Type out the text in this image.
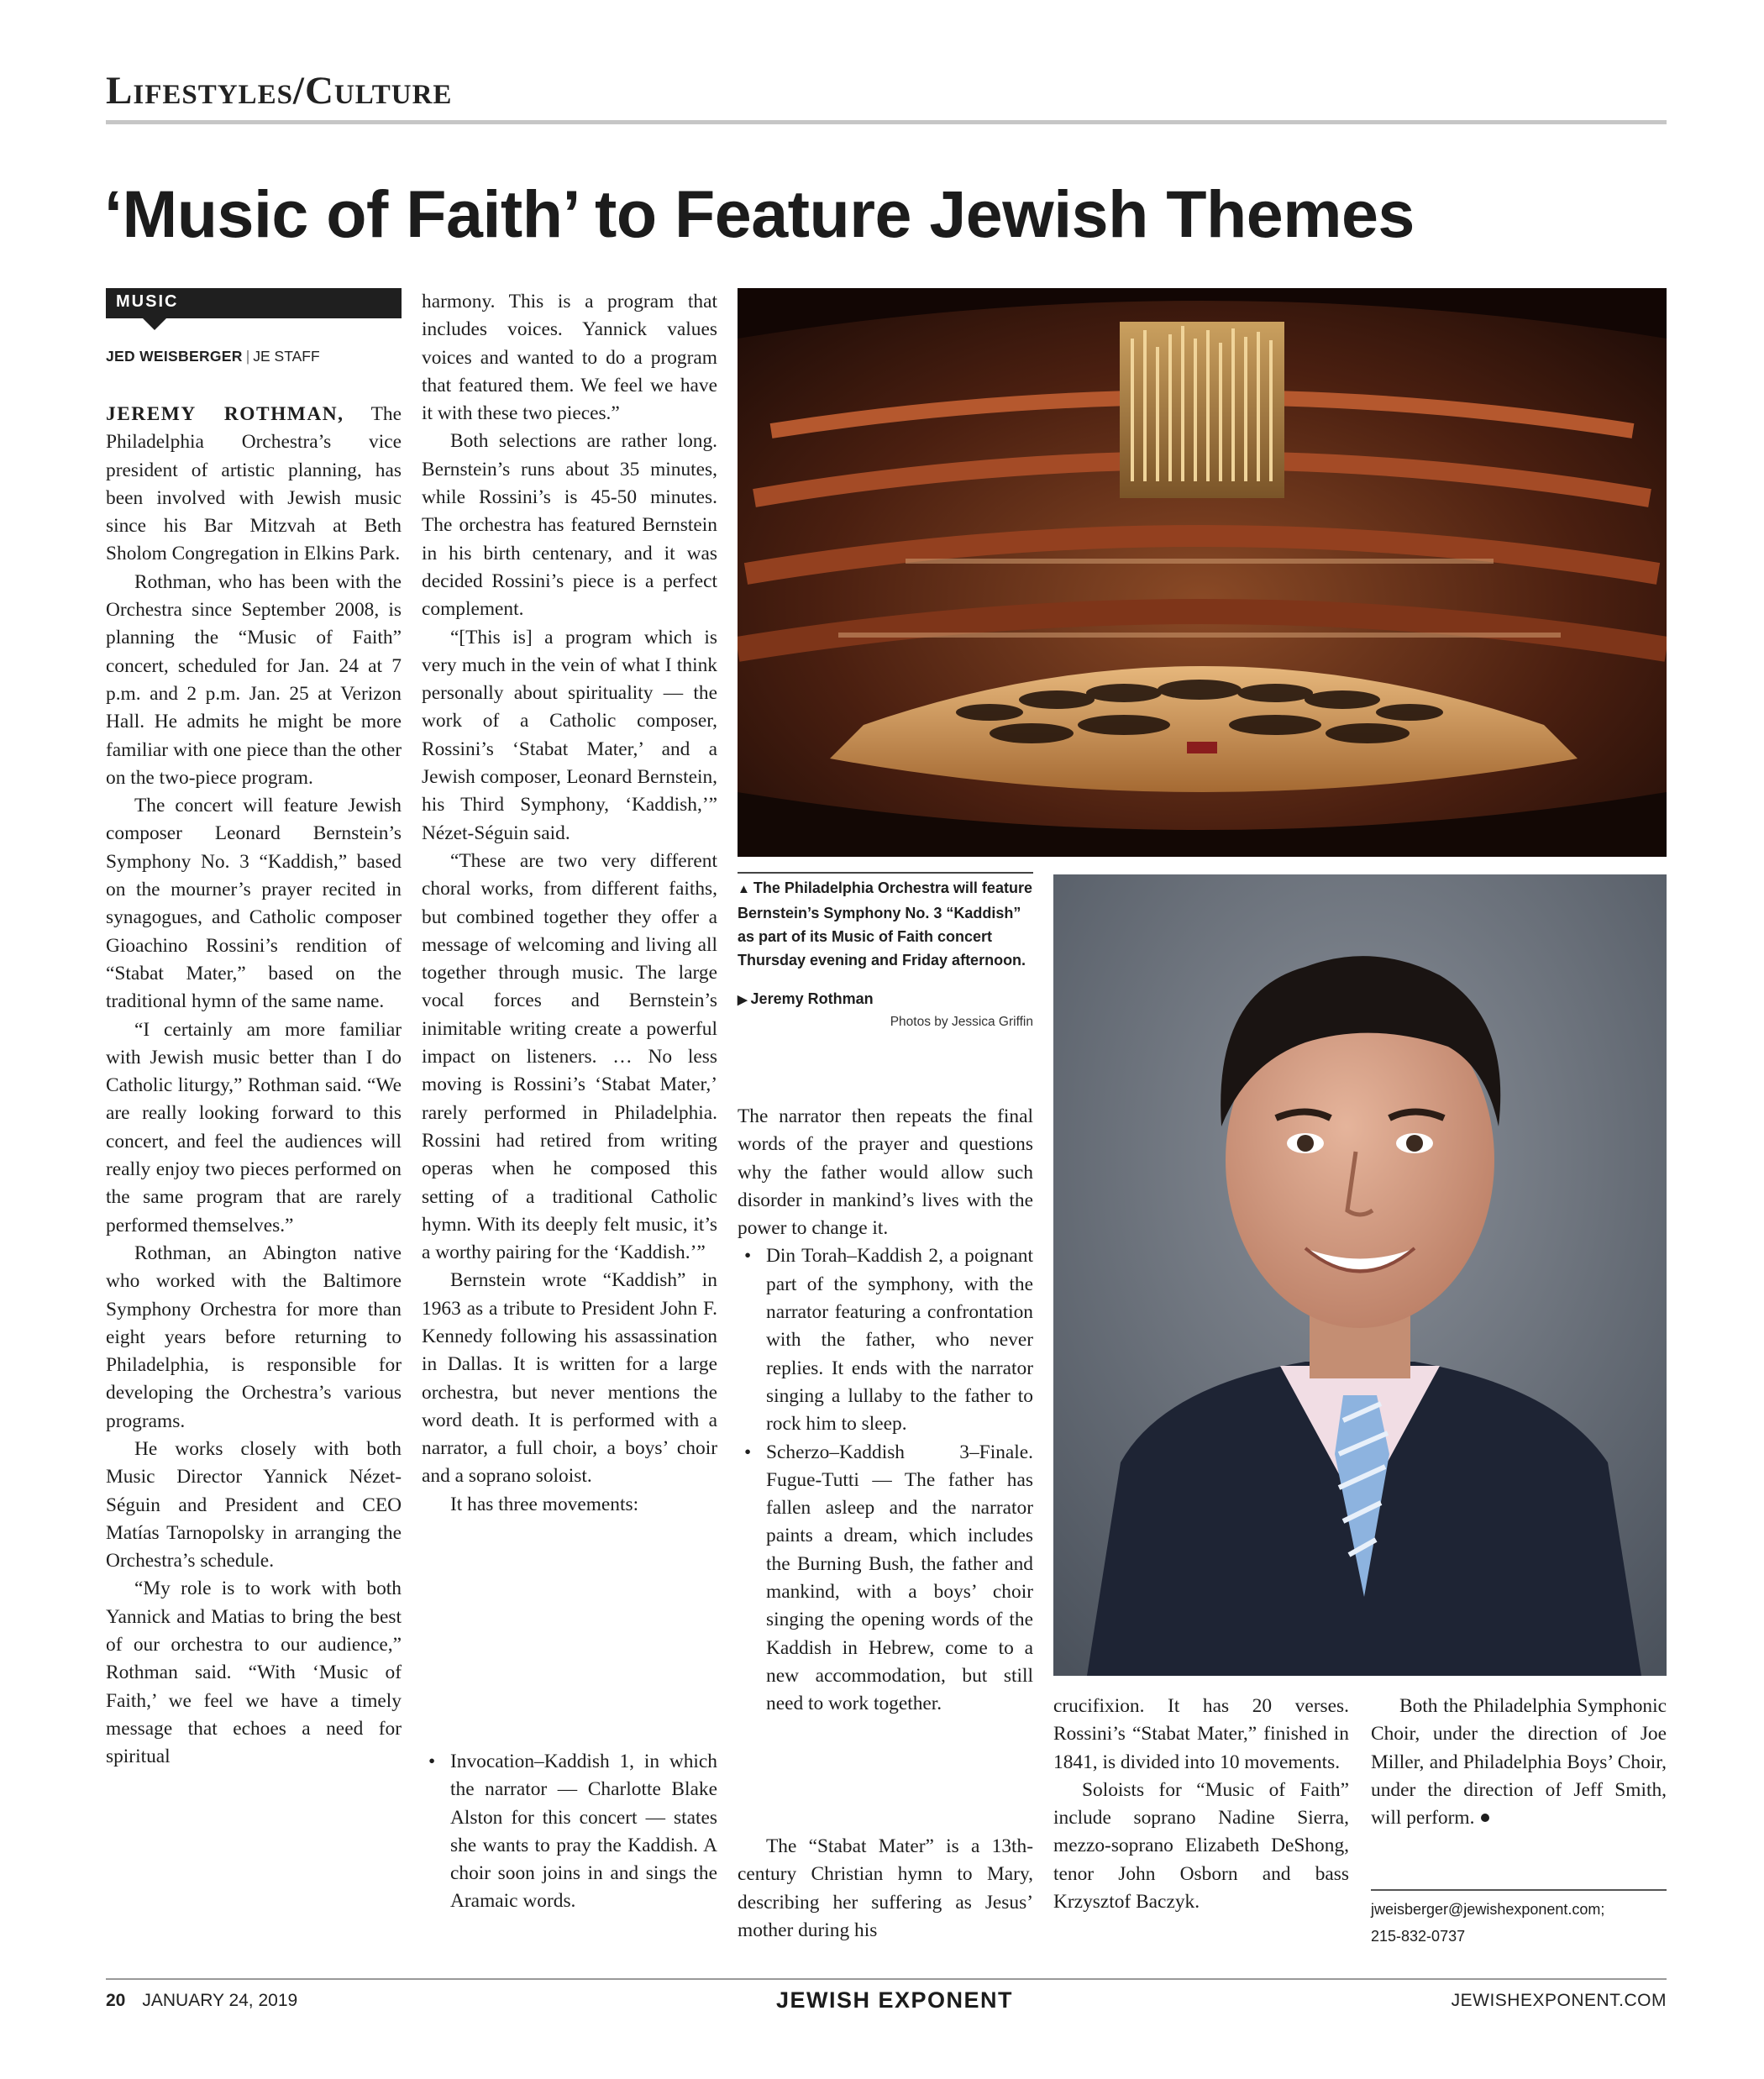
Lifestyles/Culture
‘Music of Faith’ to Feature Jewish Themes
MUSIC
JED WEISBERGER | JE STAFF

JEREMY ROTHMAN, The Philadelphia Orchestra’s vice president of artistic planning, has been involved with Jewish music since his Bar Mitzvah at Beth Sholom Congregation in Elkins Park.

Rothman, who has been with the Orchestra since September 2008, is planning the “Music of Faith” concert, scheduled for Jan. 24 at 7 p.m. and 2 p.m. Jan. 25 at Verizon Hall. He admits he might be more familiar with one piece than the other on the two-piece program.

The concert will feature Jewish composer Leonard Bernstein’s Symphony No. 3 “Kaddish,” based on the mourner’s prayer recited in synagogues, and Catholic composer Gioachino Rossini’s rendition of “Stabat Mater,” based on the traditional hymn of the same name.

“I certainly am more familiar with Jewish music better than I do Catholic liturgy,” Rothman said. “We are really looking forward to this concert, and feel the audiences will really enjoy two pieces performed on the same program that are rarely performed themselves.”

Rothman, an Abington native who worked with the Baltimore Symphony Orchestra for more than eight years before returning to Philadelphia, is responsible for developing the Orchestra’s various programs.

He works closely with both Music Director Yannick Nézet-Séguin and President and CEO Matías Tarnopolsky in arranging the Orchestra’s schedule.

“My role is to work with both Yannick and Matias to bring the best of our orchestra to our audience,” Rothman said. “With ‘Music of Faith,’ we feel we have a timely message that echoes a need for spiritual

harmony. This is a program that includes voices. Yannick values voices and wanted to do a program that featured them. We feel we have it with these two pieces.”

Both selections are rather long. Bernstein’s runs about 35 minutes, while Rossini’s is 45-50 minutes. The orchestra has featured Bernstein in his birth centenary, and it was decided Rossini’s piece is a perfect complement.

“[This is] a program which is very much in the vein of what I think personally about spirituality — the work of a Catholic composer, Rossini’s ‘Stabat Mater,’ and a Jewish composer, Leonard Bernstein, his Third Symphony, ‘Kaddish,’” Nézet-Séguin said.

“These are two very different choral works, from different faiths, but combined together they offer a message of welcoming and living all together through music. The large vocal forces and Bernstein’s inimitable writing create a powerful impact on listeners. … No less moving is Rossini’s ‘Stabat Mater,’ rarely performed in Philadelphia. Rossini had retired from writing operas when he composed this setting of a traditional Catholic hymn. With its deeply felt music, it’s a worthy pairing for the ‘Kaddish.’”

Bernstein wrote “Kaddish” in 1963 as a tribute to President John F. Kennedy following his assassination in Dallas. It is written for a large orchestra, but never mentions the word death. It is performed with a narrator, a full choir, a boys’ choir and a soprano soloist.

It has three movements:

• Invocation–Kaddish 1, in which the narrator — Charlotte Blake Alston for this concert — states she wants to pray the Kaddish. A choir soon joins in and sings the Aramaic words.
▲ The Philadelphia Orchestra will feature Bernstein’s Symphony No. 3 “Kaddish” as part of its Music of Faith concert Thursday evening and Friday afternoon.
▶ Jeremy Rothman
Photos by Jessica Griffin

The narrator then repeats the final words of the prayer and questions why the father would allow such disorder in mankind’s lives with the power to change it.

• Din Torah–Kaddish 2, a poignant part of the symphony, with the narrator featuring a confrontation with the father, who never replies. It ends with the narrator singing a lullaby to the father to rock him to sleep.
• Scherzo–Kaddish 3–Finale. Fugue-Tutti — The father has fallen asleep and the narrator paints a dream, which includes the Burning Bush, the father and mankind, with a boys’ choir singing the opening words of the Kaddish in Hebrew, come to a new accommodation, but still need to work together.

The “Stabat Mater” is a 13th-century Christian hymn to Mary, describing her suffering as Jesus’ mother during his

crucifixion. It has 20 verses. Rossini’s “Stabat Mater,” finished in 1841, is divided into 10 movements.

Soloists for “Music of Faith” include soprano Nadine Sierra, mezzo-soprano Elizabeth DeShong, tenor John Osborn and bass Krzysztof Baczyk.

Both the Philadelphia Symphonic Choir, under the direction of Joe Miller, and Philadelphia Boys’ Choir, under the direction of Jeff Smith, will perform.

jweisberger@jewishexponent.com;
215-832-0737
20 JANUARY 24, 2019	JEWISH EXPONENT	JEWISHEXPONENT.COM
